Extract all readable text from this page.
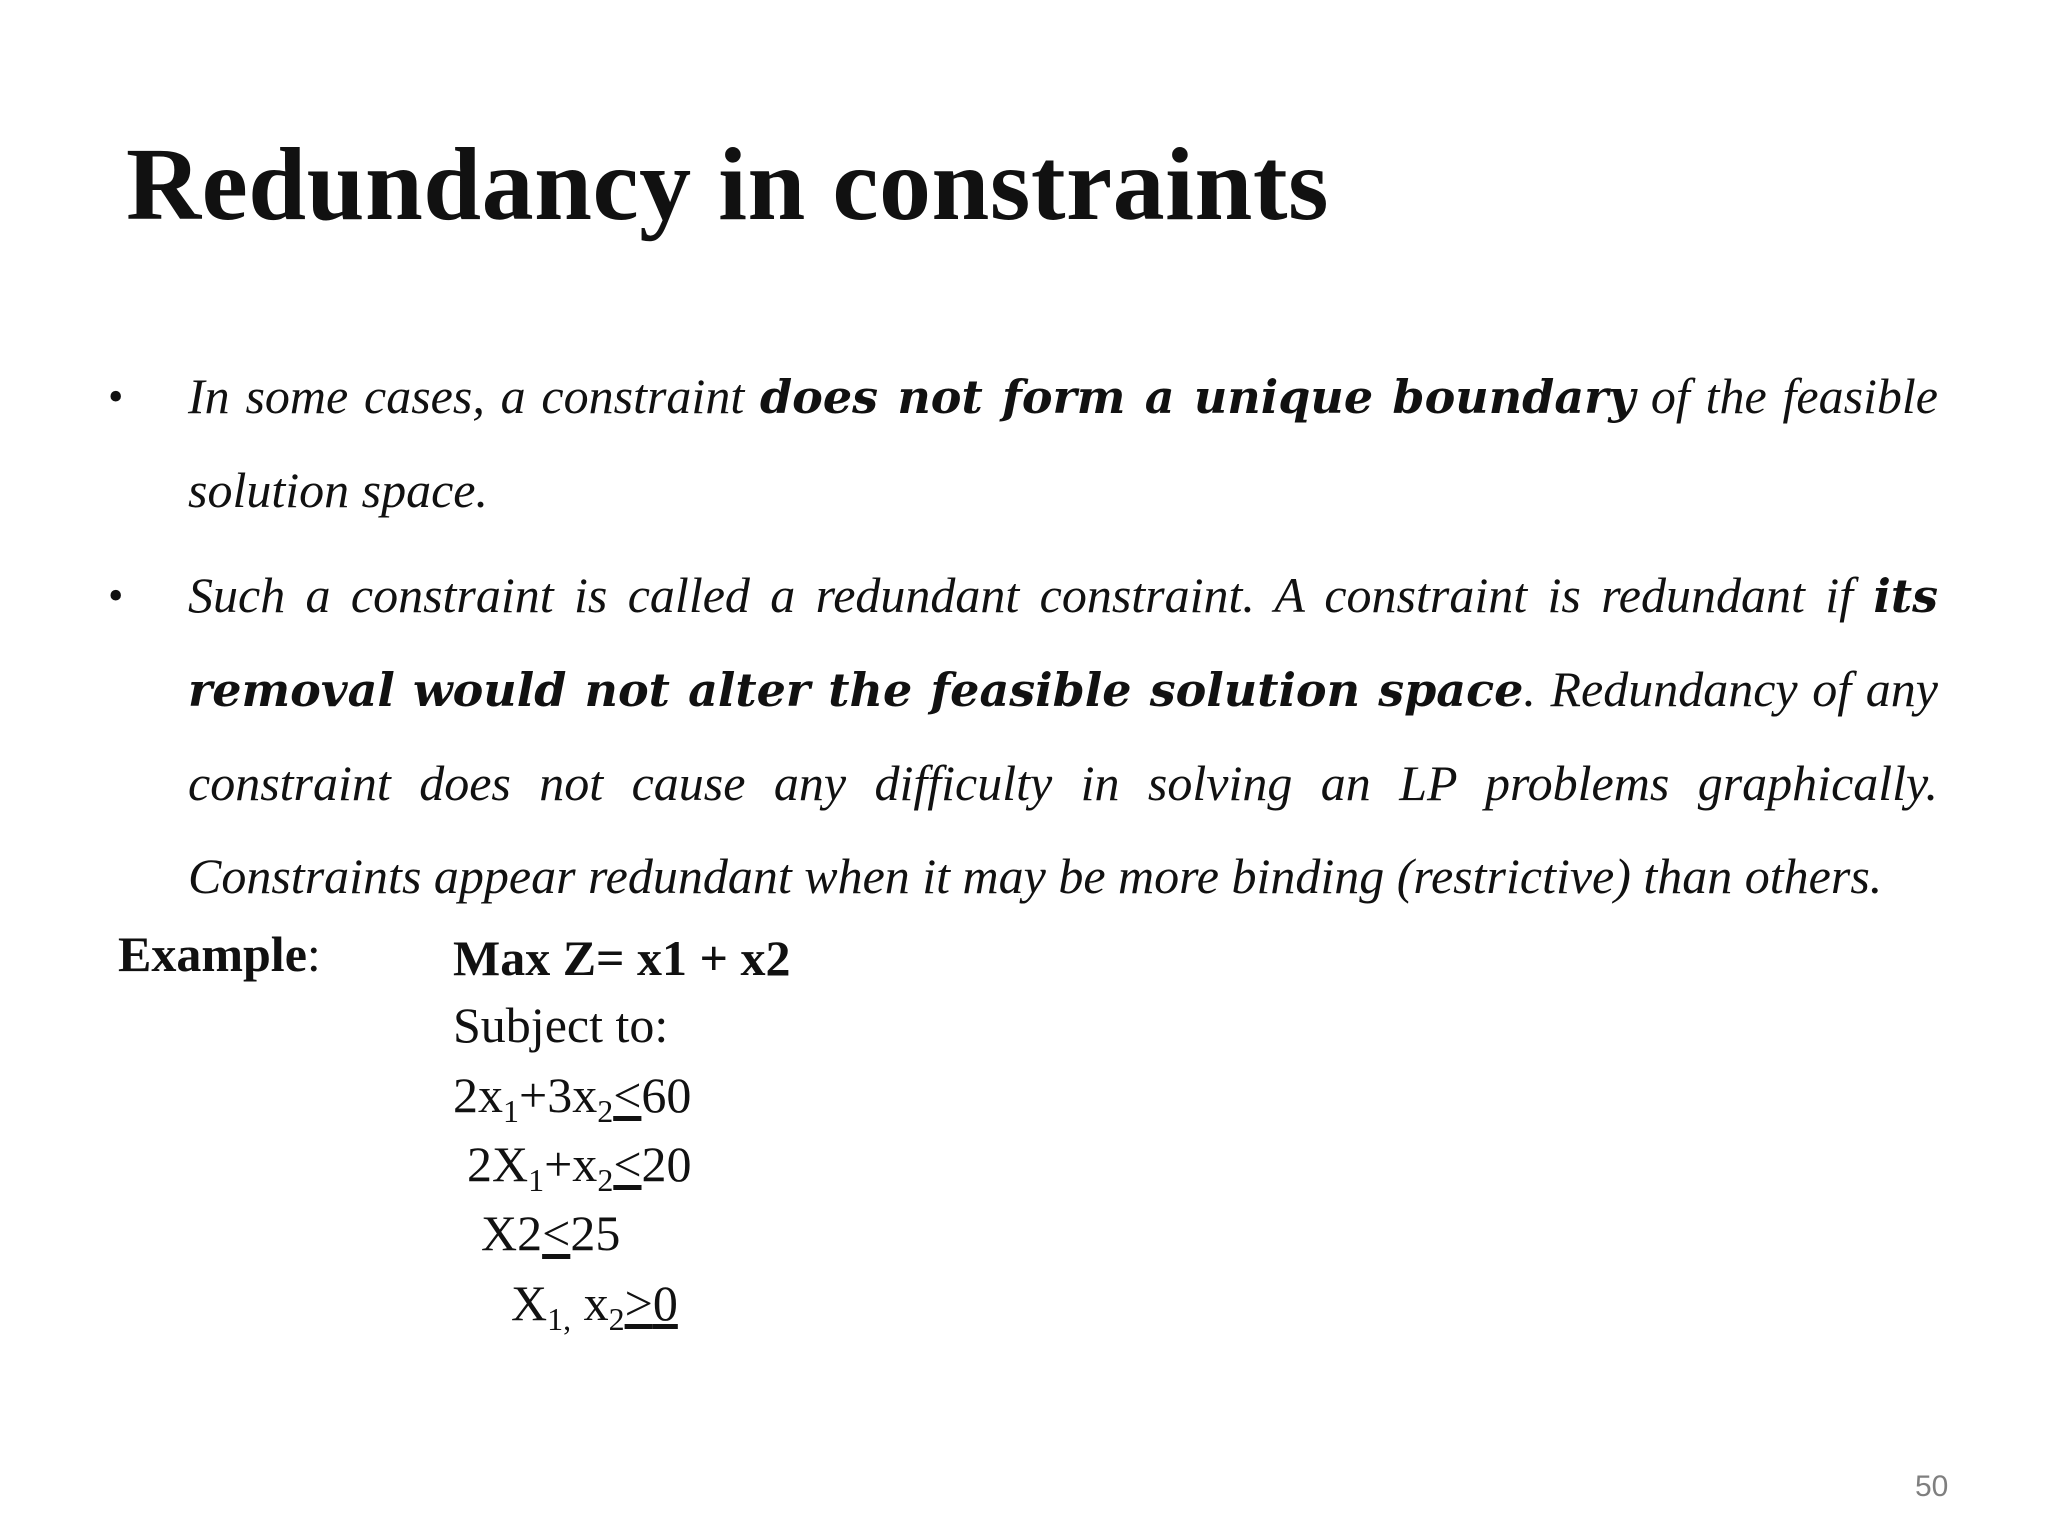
Redundancy in constraints
• In some cases, a constraint does not form a unique boundary of the feasible solution space.
• Such a constraint is called a redundant constraint. A constraint is redundant if its removal would not alter the feasible solution space. Redundancy of any constraint does not cause any difficulty in solving an LP problems graphically. Constraints appear redundant when it may be more binding (restrictive) than others.
Example:	Max Z= x1 + x2
Subject to:
$2x_1+3x_2<60$
$2X_1+x_2<20$
X2<25
$X_{1,}$ $x_2>0$
50
